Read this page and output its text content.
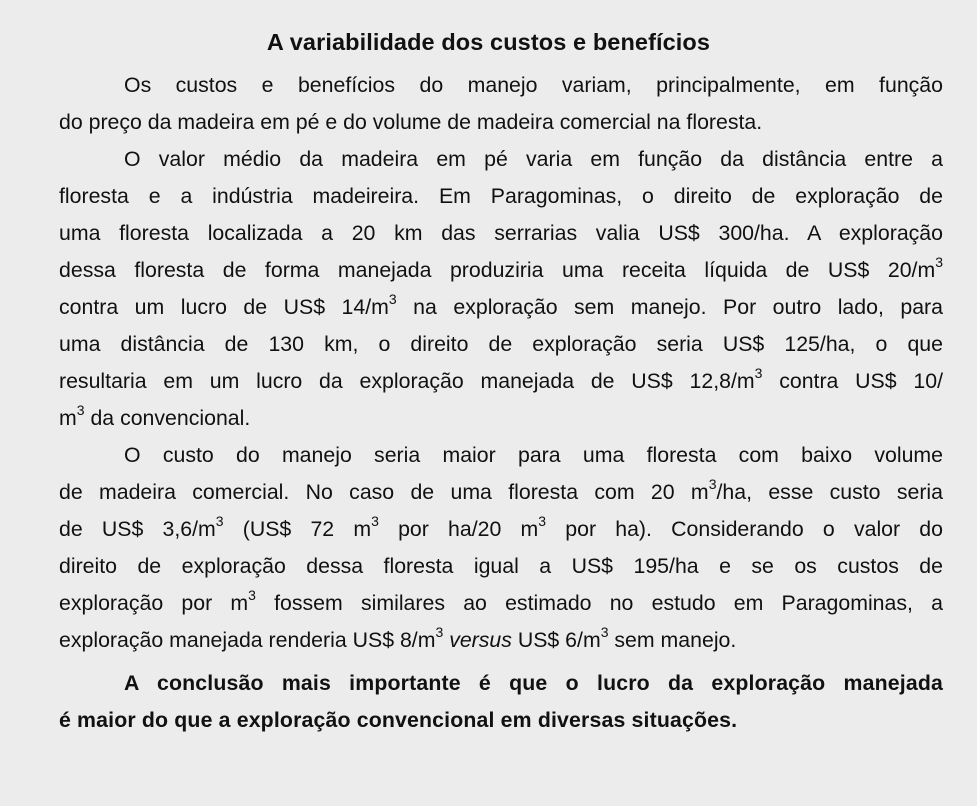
A variabilidade dos custos e benefícios
Os custos e benefícios do manejo variam, principalmente, em função
do preço da madeira em pé e do volume de madeira comercial na floresta.
O valor médio da madeira em pé varia em função da distância entre a
floresta e a indústria madeireira. Em Paragominas, o direito de exploração de
uma floresta localizada a 20 km das serrarias valia US$ 300/ha. A exploração
dessa floresta de forma manejada produziria uma receita líquida de US$ $20/m^3$
contra um lucro de US$ $14/m^3$ na exploração sem manejo. Por outro lado, para
uma distância de 130 km, o direito de exploração seria US$ 125/ha, o que
resultaria em um lucro da exploração manejada de US$ $12,8/m^3$ contra US$ 10/
$m^3$ da convencional.
O custo do manejo seria maior para uma floresta com baixo volume
de madeira comercial. No caso de uma floresta com 20 $m^3/ha$, esse custo seria
de US$ $3,6/m^3$ (US$ 72 $m^3$ por ha/20 $m^3$ por ha). Considerando o valor do
direito de exploração dessa floresta igual a US$ 195/ha e se os custos de
exploração por $m^3$ fossem similares ao estimado no estudo em Paragominas, a
exploração manejada renderia US$ $8/m^3$ versus US$ $6/m^3$ sem manejo.
A conclusão mais importante é que o lucro da exploração manejada
é maior do que a exploração convencional em diversas situações.
